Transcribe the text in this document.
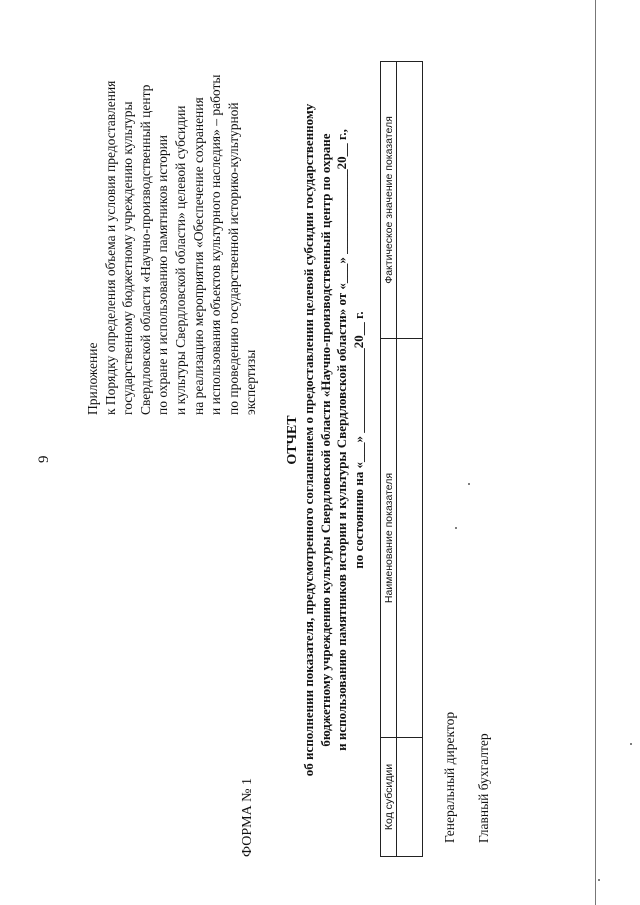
9
Приложение к Порядку определения объема и условия предоставления государственному бюджетному учреждению культуры Свердловской области «Научно-производственный центр по охране и использованию памятников истории и культуры Свердловской области» целевой субсидии на реализацию мероприятия «Обеспечение сохранения и использования объектов культурного наследия» – работы по проведению государственной историко-культурной экспертизы
ФОРМА № 1
ОТЧЕТ об исполнении показателя, предусмотренного соглашением о предоставлении целевой субсидии государственному бюджетному учреждению культуры Свердловской области «Научно-производственный центр по охране и использованию памятников истории и культуры Свердловской области» от «___» _____________20__ г., по состоянию на «___» _____________20__ г.
Код субсидии	Наименование показателя	Фактическое значение показателя

Генеральный директор Главный бухгалтер
